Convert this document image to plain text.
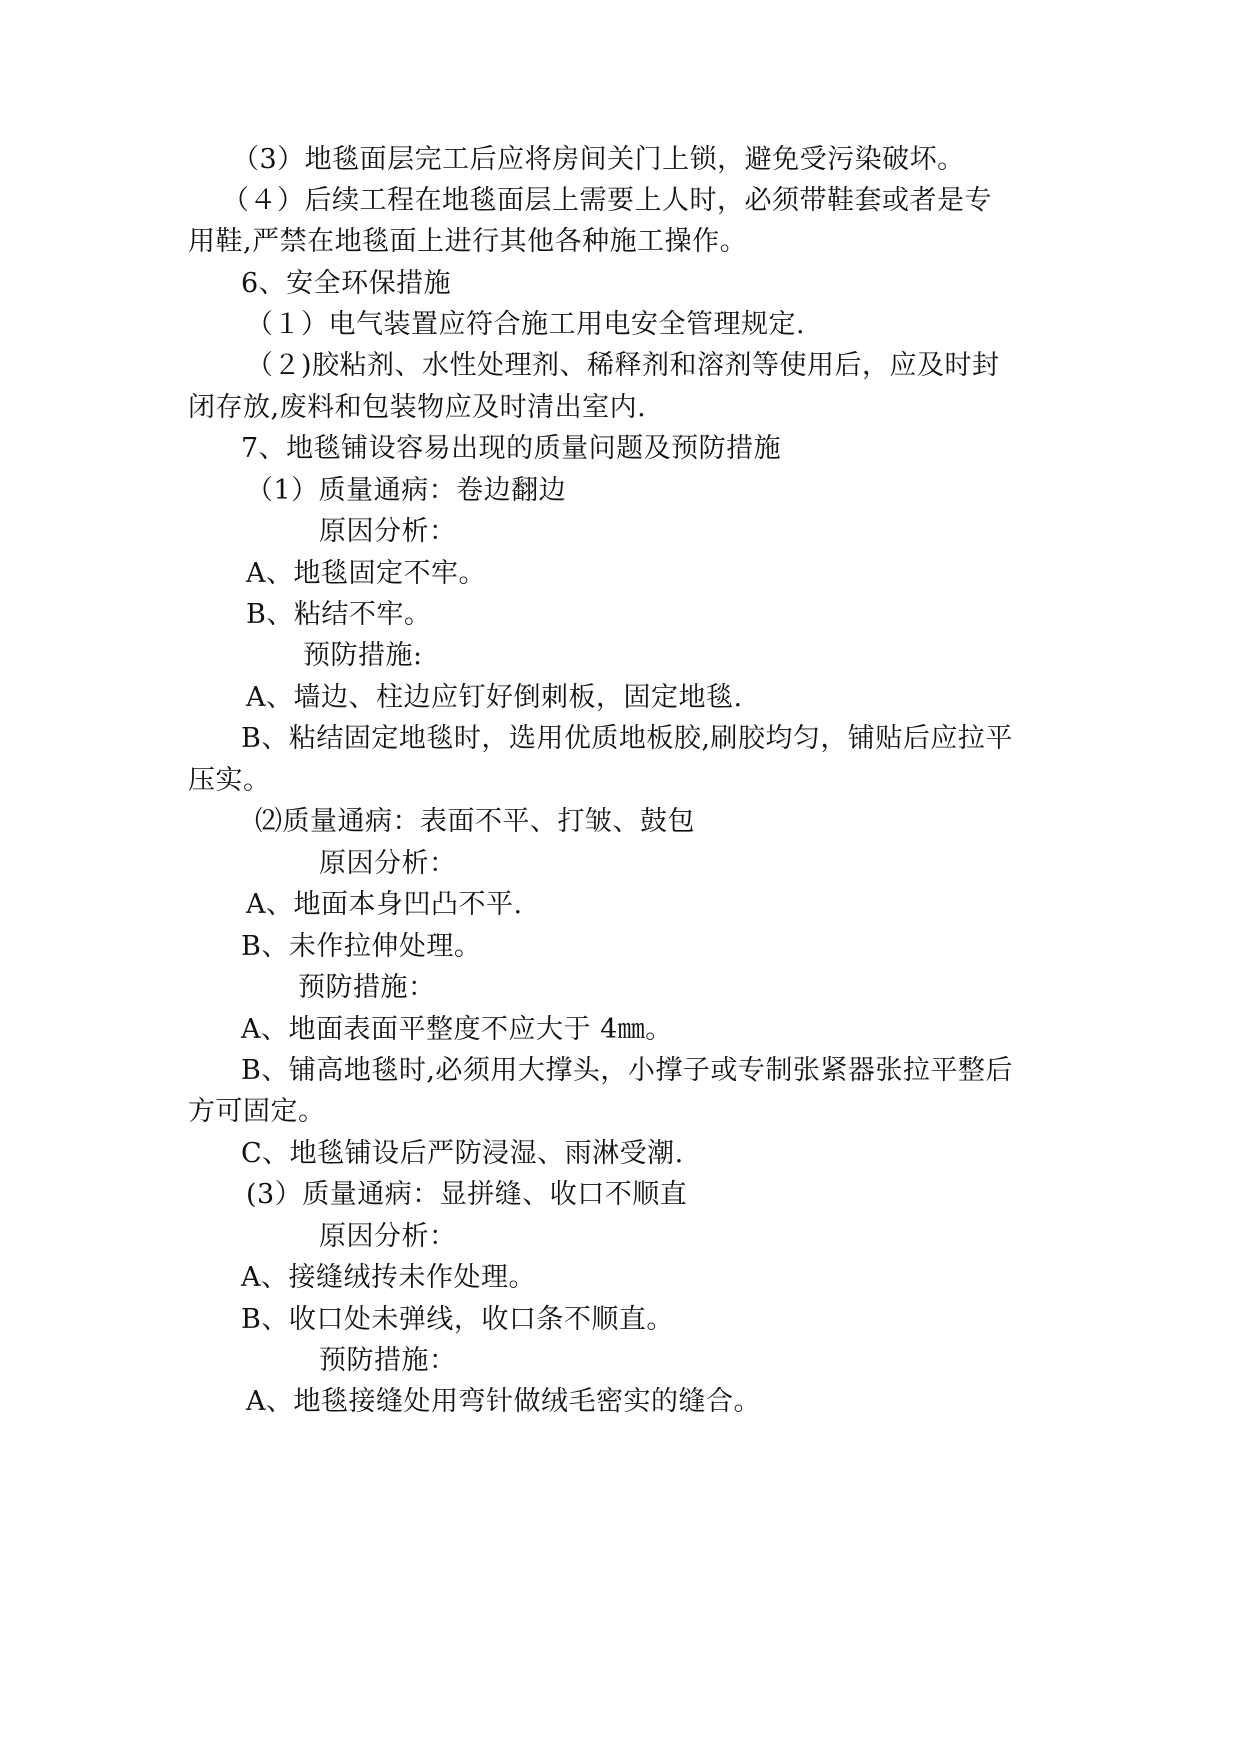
（3）地毯面层完工后应将房间关门上锁，避免受污染破坏。
（４）后续工程在地毯面层上需要上人时，必须带鞋套或者是专
用鞋,严禁在地毯面上进行其他各种施工操作。
6、安全环保措施
（１）电气装置应符合施工用电安全管理规定.
（２)胶粘剂、水性处理剂、稀释剂和溶剂等使用后，应及时封
闭存放,废料和包装物应及时清出室内.
7、地毯铺设容易出现的质量问题及预防措施
（1）质量通病：卷边翻边
原因分析：
A、地毯固定不牢。
B、粘结不牢。
预防措施:
A、墙边、柱边应钉好倒刺板，固定地毯.
B、粘结固定地毯时，选用优质地板胶,刷胶均匀，铺贴后应拉平
压实。
⑵质量通病：表面不平、打皱、鼓包
原因分析：
A、地面本身凹凸不平.
B、未作拉伸处理。
预防措施：
A、地面表面平整度不应大于 4㎜。
B、铺高地毯时,必须用大撑头，小撑子或专制张紧器张拉平整后
方可固定。
C、地毯铺设后严防浸湿、雨淋受潮.
(3）质量通病：显拼缝、收口不顺直
原因分析：
A、接缝绒抟未作处理。
B、收口处未弹线，收口条不顺直。
预防措施：
A、地毯接缝处用弯针做绒毛密实的缝合。
